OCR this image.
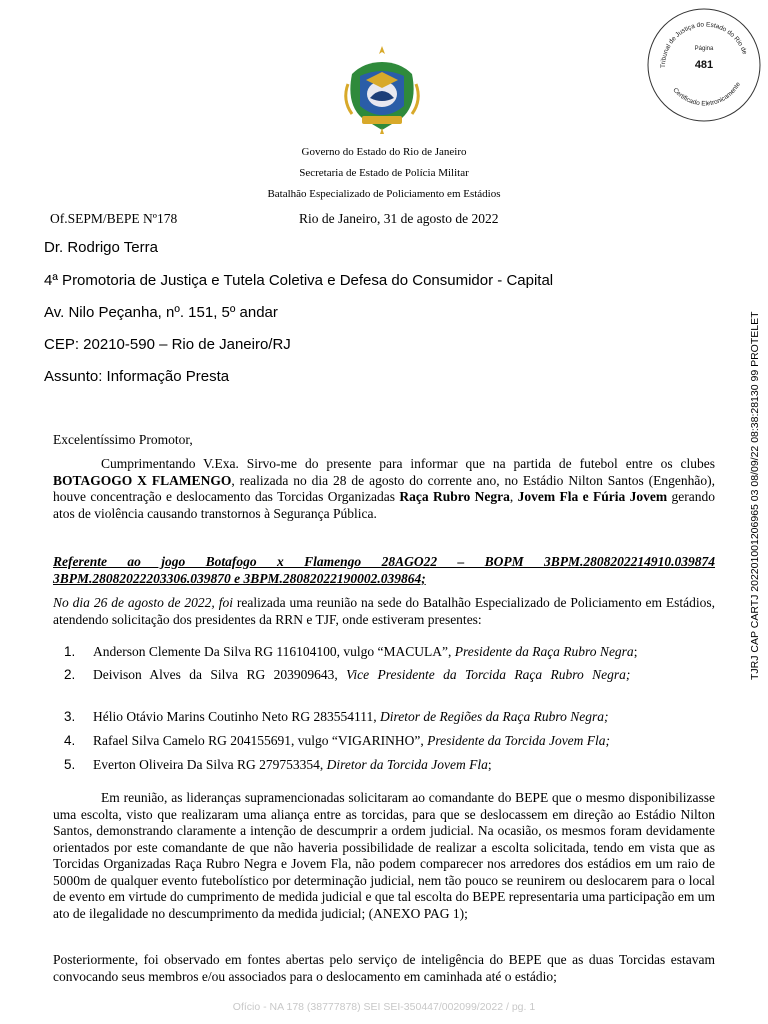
Tribunal de Justiça do Estado do Rio de
Certificado Eletronicamente
Página
481
Governo do Estado do Rio de Janeiro
Secretaria de Estado de Polícia Militar
Batalhão Especializado de Policiamento em Estádios
Of.SEPM/BEPE Nº178	Rio de Janeiro, 31 de agosto de 2022
Dr. Rodrigo Terra
4ª Promotoria de Justiça e Tutela Coletiva e Defesa do Consumidor - Capital
Av. Nilo Peçanha, nº. 151, 5º andar
CEP: 20210-590 – Rio de Janeiro/RJ
Assunto: Informação Presta	TJRJ CAP CARTJ 202201001206965 03 08/09/22 08:38:28130 99 PROTELET
Excelentíssimo Promotor,
Cumprimentando V.Exa. Sirvo-me do presente para informar que na partida de futebol entre os clubes BOTAGOGO X FLAMENGO, realizada no dia 28 de agosto do corrente ano, no Estádio Nilton Santos (Engenhão), houve concentração e deslocamento das Torcidas Organizadas Raça Rubro Negra, Jovem Fla e Fúria Jovem gerando atos de violência causando transtornos à Segurança Pública.
Referente ao jogo Botafogo x Flamengo 28AGO22 – BOPM 3BPM.2808202214910.039874 3BPM.28082022203306.039870 e 3BPM.28082022190002.039864;
No dia 26 de agosto de 2022, foi realizada uma reunião na sede do Batalhão Especializado de Policiamento em Estádios, atendendo solicitação dos presidentes da RRN e TJF, onde estiveram presentes:
1. Anderson Clemente Da Silva RG 116104100, vulgo “MACULA”, Presidente da Raça Rubro Negra;
2. Deivison Alves da Silva RG 203909643, Vice Presidente da Torcida Raça Rubro Negra;
3. Hélio Otávio Marins Coutinho Neto RG 283554111, Diretor de Regiões da Raça Rubro Negra;
4. Rafael Silva Camelo RG 204155691, vulgo “VIGARINHO”, Presidente da Torcida Jovem Fla;
5. Everton Oliveira Da Silva RG 279753354, Diretor da Torcida Jovem Fla;
Em reunião, as lideranças supramencionadas solicitaram ao comandante do BEPE que o mesmo disponibilizasse uma escolta, visto que realizaram uma aliança entre as torcidas, para que se deslocassem em direção ao Estádio Nilton Santos, demonstrando claramente a intenção de descumprir a ordem judicial. Na ocasião, os mesmos foram devidamente orientados por este comandante de que não haveria possibilidade de realizar a escolta solicitada, tendo em vista que as Torcidas Organizadas Raça Rubro Negra e Jovem Fla, não podem comparecer nos arredores dos estádios em um raio de 5000m de qualquer evento futebolístico por determinação judicial, nem tão pouco se reunirem ou deslocarem para o local de evento em virtude do cumprimento de medida judicial e que tal escolta do BEPE representaria uma participação em um ato de ilegalidade no descumprimento da medida judicial; (ANEXO PAG 1);
Posteriormente, foi observado em fontes abertas pelo serviço de inteligência do BEPE que as duas Torcidas estavam convocando seus membros e/ou associados para o deslocamento em caminhada até o estádio;
Ofício - NA 178 (38777878) SEI SEI-350447/002099/2022 / pg. 1
